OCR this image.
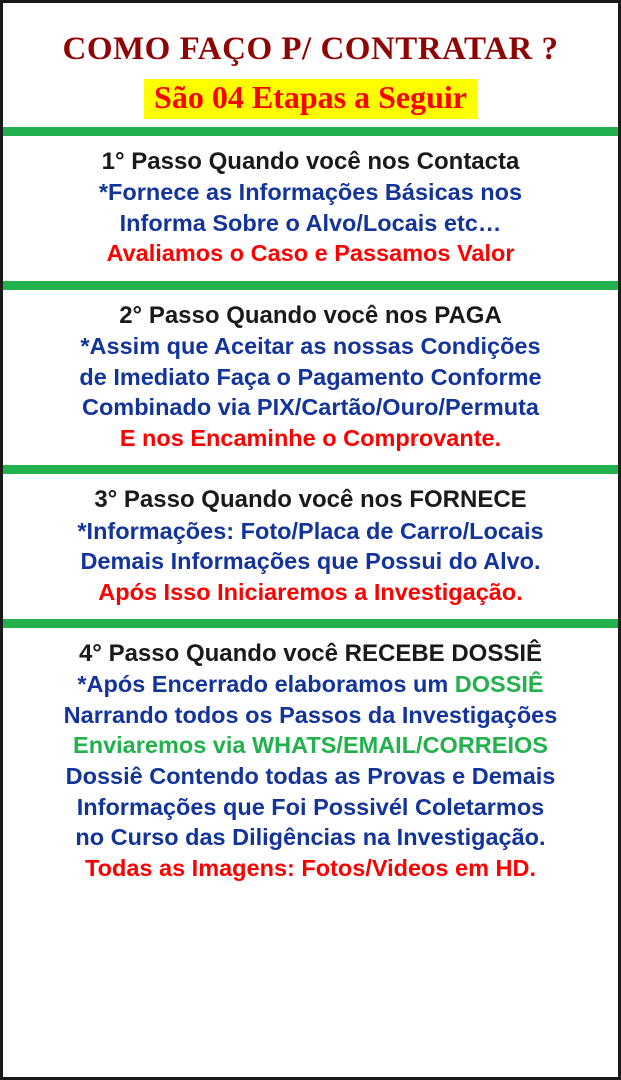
COMO FAÇO P/ CONTRATAR ?
São 04 Etapas a Seguir
1° Passo Quando você nos Contacta
*Fornece as Informações Básicas nos
Informa Sobre o Alvo/Locais etc…
Avaliamos o Caso e Passamos Valor
2° Passo Quando você nos PAGA
*Assim que Aceitar as nossas Condições
de Imediato Faça o Pagamento Conforme
Combinado via PIX/Cartão/Ouro/Permuta
E nos Encaminhe o Comprovante.
3° Passo Quando você nos FORNECE
*Informações: Foto/Placa de Carro/Locais
Demais Informações que Possui do Alvo.
Após Isso Iniciaremos a Investigação.
4° Passo Quando você RECEBE DOSSIÊ
*Após Encerrado elaboramos um DOSSIÊ
Narrando todos os Passos da Investigações
Enviaremos via WHATS/EMAIL/CORREIOS
Dossiê Contendo todas as Provas e Demais
Informações que Foi Possivél Coletarmos
no Curso das Diligências na Investigação.
Todas as Imagens: Fotos/Videos em HD.
